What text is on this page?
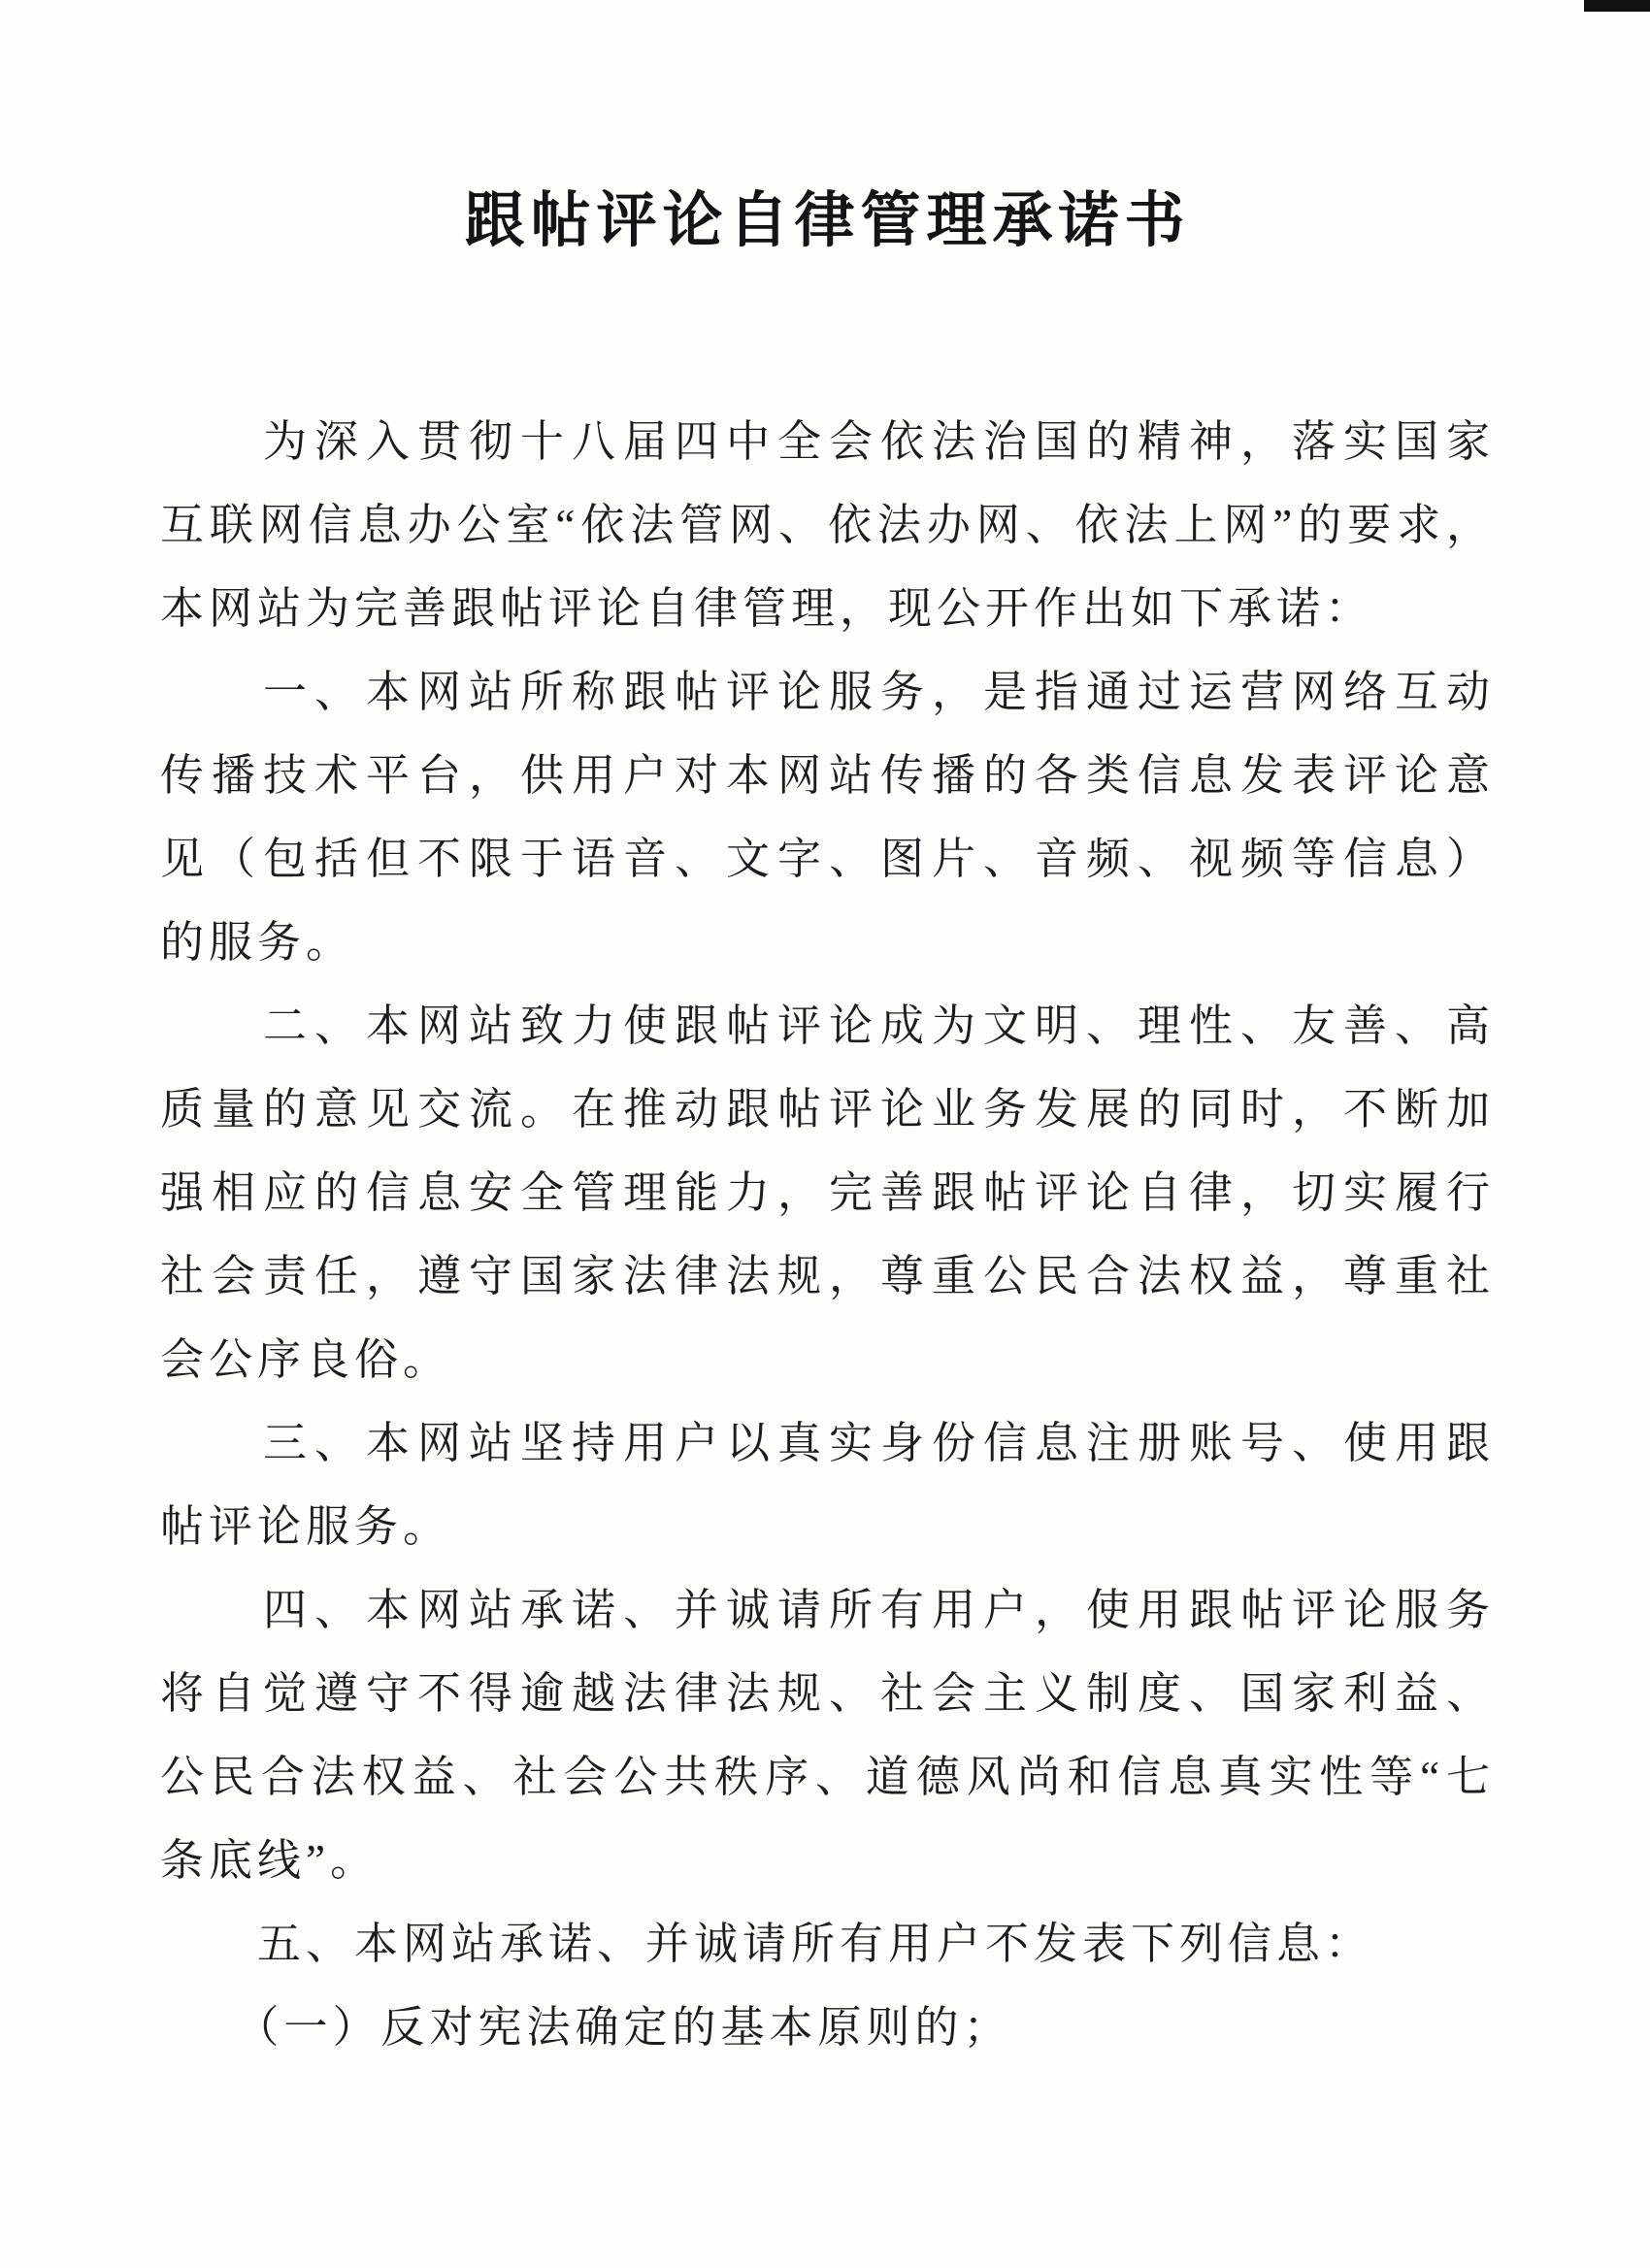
跟帖评论自律管理承诺书
　　为深入贯彻十八届四中全会依法治国的精神，落实国家
互联网信息办公室“依法管网、依法办网、依法上网”的要求，
本网站为完善跟帖评论自律管理，现公开作出如下承诺：
　　一、本网站所称跟帖评论服务，是指通过运营网络互动
传播技术平台，供用户对本网站传播的各类信息发表评论意
见（包括但不限于语音、文字、图片、音频、视频等信息）
的服务。
　　二、本网站致力使跟帖评论成为文明、理性、友善、高
质量的意见交流。在推动跟帖评论业务发展的同时，不断加
强相应的信息安全管理能力，完善跟帖评论自律，切实履行
社会责任，遵守国家法律法规，尊重公民合法权益，尊重社
会公序良俗。
　　三、本网站坚持用户以真实身份信息注册账号、使用跟
帖评论服务。
　　四、本网站承诺、并诚请所有用户，使用跟帖评论服务
将自觉遵守不得逾越法律法规、社会主义制度、国家利益、
公民合法权益、社会公共秩序、道德风尚和信息真实性等“七
条底线”。
　　五、本网站承诺、并诚请所有用户不发表下列信息：
　　（一）反对宪法确定的基本原则的；
